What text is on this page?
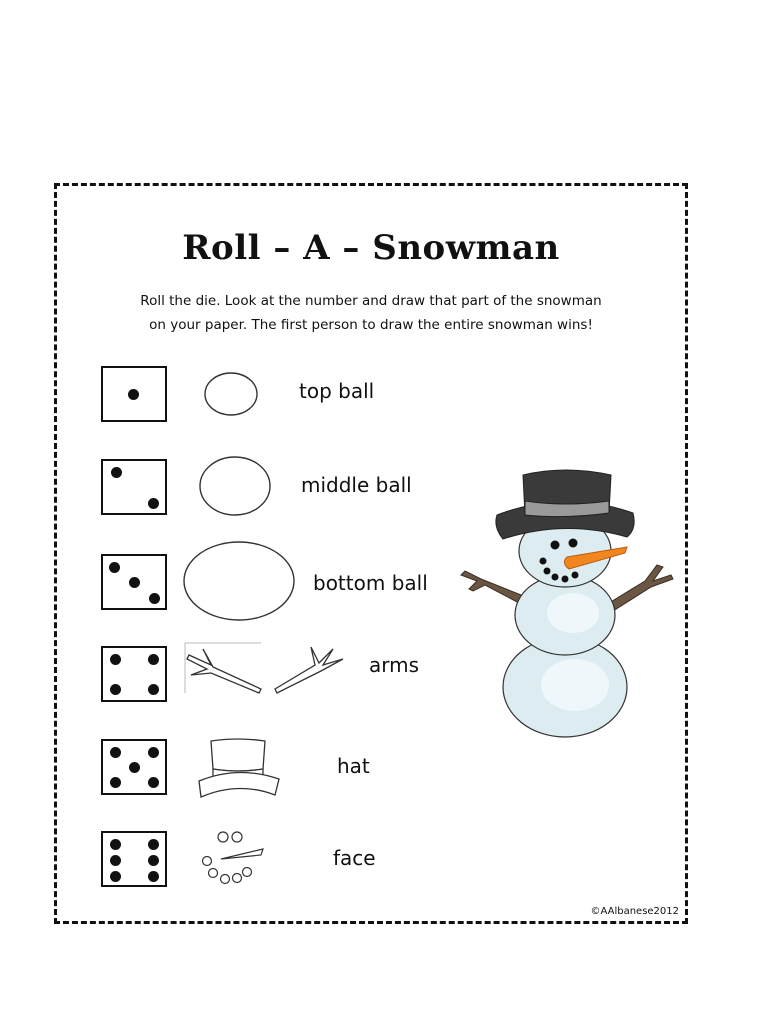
Roll – A – Snowman
Roll the die. Look at the number and draw that part of the snowman
on your paper. The first person to draw the entire snowman wins!
top ball
middle ball
bottom ball
arms
hat
face
©AAlbanese2012
